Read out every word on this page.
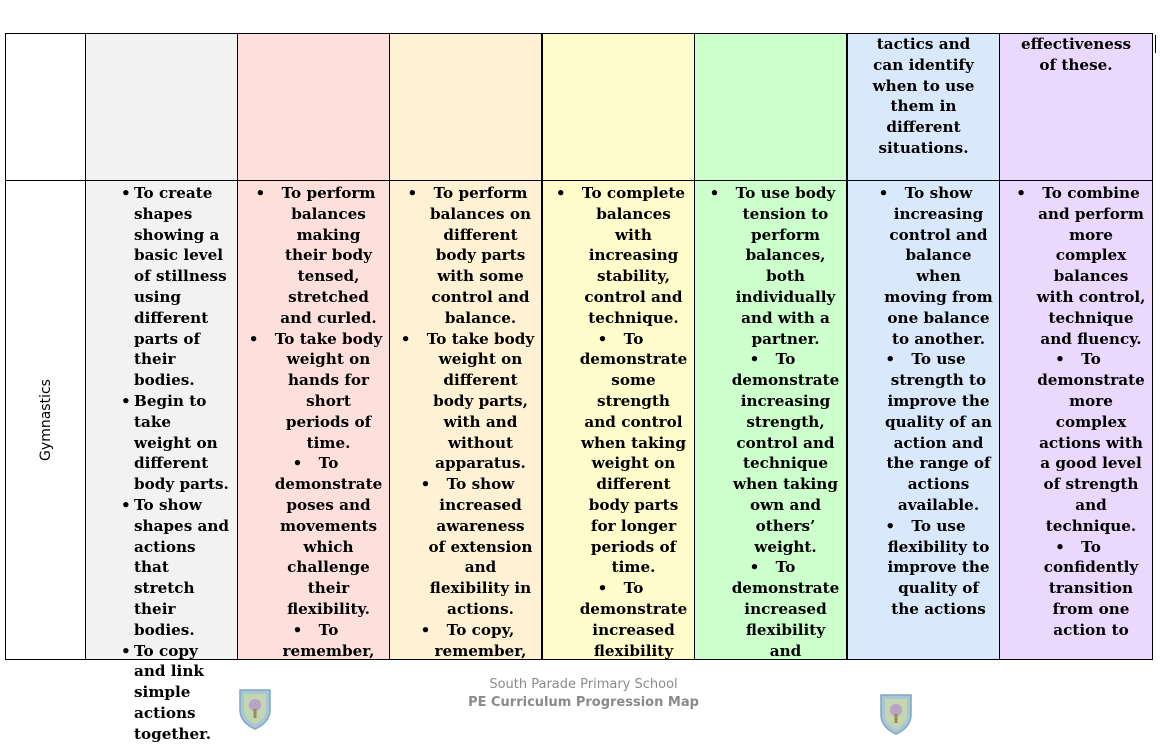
tactics and
can identify
when to use
them in
different
situations.
effectiveness
of these.
Gymnastics
• To create shapes showing a basic level of stillness using different parts of their bodies.
• Begin to take weight on different body parts.
• To show shapes and actions that stretch their bodies.
• To copy and link simple actions together.
• To perform balances making their body tensed, stretched and curled.
• To take body weight on hands for short periods of time.
• To demonstrate poses and movements which challenge their flexibility.
• To remember,
• To perform balances on different body parts with some control and balance.
• To take body weight on different body parts, with and without apparatus.
• To show increased awareness of extension and flexibility in actions.
• To copy, remember,
• To complete balances with increasing stability, control and technique.
• To demonstrate some strength and control when taking weight on different body parts for longer periods of time.
• To demonstrate increased flexibility
• To use body tension to perform balances, both individually and with a partner.
• To demonstrate increasing strength, control and technique when taking own and others’ weight.
• To demonstrate increased flexibility and
• To show increasing control and balance when moving from one balance to another.
• To use strength to improve the quality of an action and the range of actions available.
• To use flexibility to improve the quality of the actions
• To combine and perform more complex balances with control, technique and fluency.
• To demonstrate more complex actions with a good level of strength and technique.
• To confidently transition from one action to
South Parade Primary School
PE Curriculum Progression Map
